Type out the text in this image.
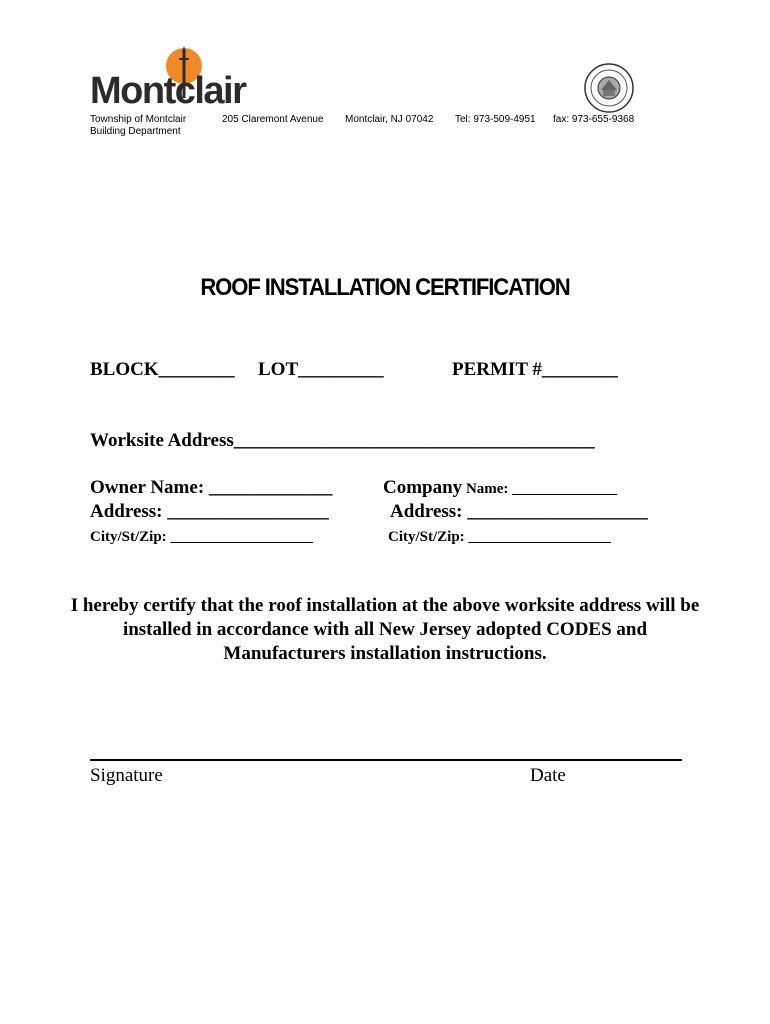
Montclair
Township of Montclair
Building Department
205 Claremont Avenue Montclair, NJ 07042 Tel: 973-509-4951 fax: 973-655-9368
ROOF INSTALLATION CERTIFICATION
BLOCK________ LOT_________	PERMIT #________
Worksite Address______________________________________
Owner Name: _____________
Address: _________________
City/St/Zip: ___________________
Company Name: ______________
Address: ___________________
City/St/Zip: ___________________
I hereby certify that the roof installation at the above worksite address will be installed in accordance with all New Jersey adopted CODES and Manufacturers installation instructions.
Signature	Date
